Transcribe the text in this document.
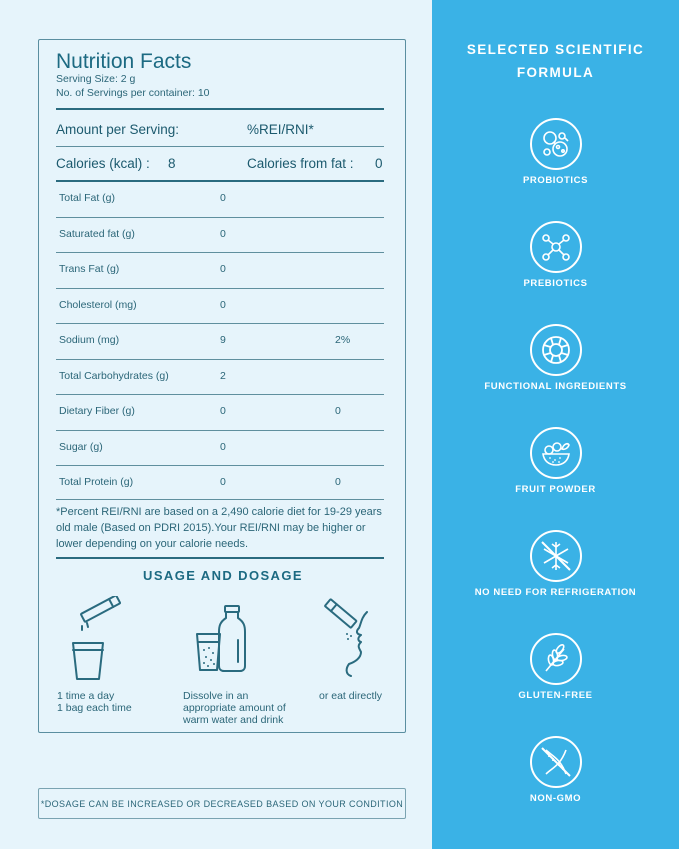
Nutrition Facts
Serving Size: 2 g
No. of Servings per container: 10
Amount per Serving:	%REI/RNI*
Calories (kcal) : 8	Calories from fat : 0
Total Fat (g)	0
Saturated fat (g)	0
Trans Fat (g)	0
Cholesterol (mg)	0
Sodium (mg)	9	2%
Total Carbohydrates (g)	2
Dietary Fiber (g)	0	0
Sugar (g)	0
Total Protein (g)	0	0
*Percent REI/RNI are based on a 2,490 calorie diet for 19-29 years old male (Based on PDRI 2015).Your REI/RNI may be higher or lower depending on your calorie needs.
USAGE AND DOSAGE
1 time a day
1 bag each time
Dissolve in an
appropriate amount of
warm water and drink
or eat directly
*DOSAGE CAN BE INCREASED OR DECREASED BASED ON YOUR CONDITION
SELECTED SCIENTIFIC
FORMULA
PROBIOTICS
PREBIOTICS
FUNCTIONAL INGREDIENTS
FRUIT POWDER
NO NEED FOR REFRIGERATION
GLUTEN-FREE
NON-GMO
